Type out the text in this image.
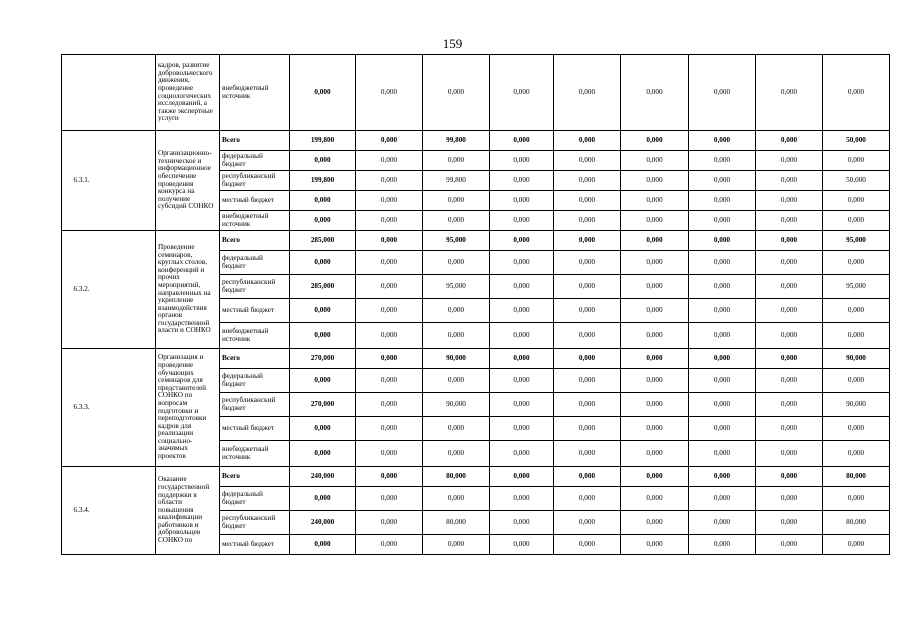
159
		кадров, развитие добровольческого движения, проведение социологических исследований, а также экспертные услуги	внебюджетный источник	0,000	0,000	0,000	0,000	0,000	0,000	0,000	0,000	0,000	
	6.3.1.	Организационно-техническое и информационное обеспечение проведения конкурса на получение субсидий СОНКО	Всего	199,800	0,000	99,800	0,000	0,000	0,000	0,000	0,000	50,000	
			федеральный бюджет	0,000	0,000	0,000	0,000	0,000	0,000	0,000	0,000	0,000	
			республиканский бюджет	199,800	0,000	99,800	0,000	0,000	0,000	0,000	0,000	50,000	
			местный бюджет	0,000	0,000	0,000	0,000	0,000	0,000	0,000	0,000	0,000	
			внебюджетный источник	0,000	0,000	0,000	0,000	0,000	0,000	0,000	0,000	0,000	
	6.3.2.	Проведение семинаров, круглых столов, конференций и прочих мероприятий, направленных на укрепление взаимодействия органов государственной власти и СОНКО	Всего	285,000	0,000	95,000	0,000	0,000	0,000	0,000	0,000	95,000	
			федеральный бюджет	0,000	0,000	0,000	0,000	0,000	0,000	0,000	0,000	0,000	
			республиканский бюджет	285,000	0,000	95,000	0,000	0,000	0,000	0,000	0,000	95,000	
			местный бюджет	0,000	0,000	0,000	0,000	0,000	0,000	0,000	0,000	0,000	
			внебюджетный источник	0,000	0,000	0,000	0,000	0,000	0,000	0,000	0,000	0,000	
	6.3.3.	Организация и проведение обучающих семинаров для представителей СОНКО по вопросам подготовки и переподготовки кадров для реализации социально-значимых проектов	Всего	270,000	0,000	90,000	0,000	0,000	0,000	0,000	0,000	90,000	
			федеральный бюджет	0,000	0,000	0,000	0,000	0,000	0,000	0,000	0,000	0,000	
			республиканский бюджет	270,000	0,000	90,000	0,000	0,000	0,000	0,000	0,000	90,000	
			местный бюджет	0,000	0,000	0,000	0,000	0,000	0,000	0,000	0,000	0,000	
			внебюджетный источник	0,000	0,000	0,000	0,000	0,000	0,000	0,000	0,000	0,000	
	6.3.4.	Оказание государственной поддержки в области повышения квалификации работников и добровольцев СОНКО по	Всего	240,000	0,000	80,000	0,000	0,000	0,000	0,000	0,000	80,000	
			федеральный бюджет	0,000	0,000	0,000	0,000	0,000	0,000	0,000	0,000	0,000	
			республиканский бюджет	240,000	0,000	80,000	0,000	0,000	0,000	0,000	0,000	80,000	
			местный бюджет	0,000	0,000	0,000	0,000	0,000	0,000	0,000	0,000	0,000	
